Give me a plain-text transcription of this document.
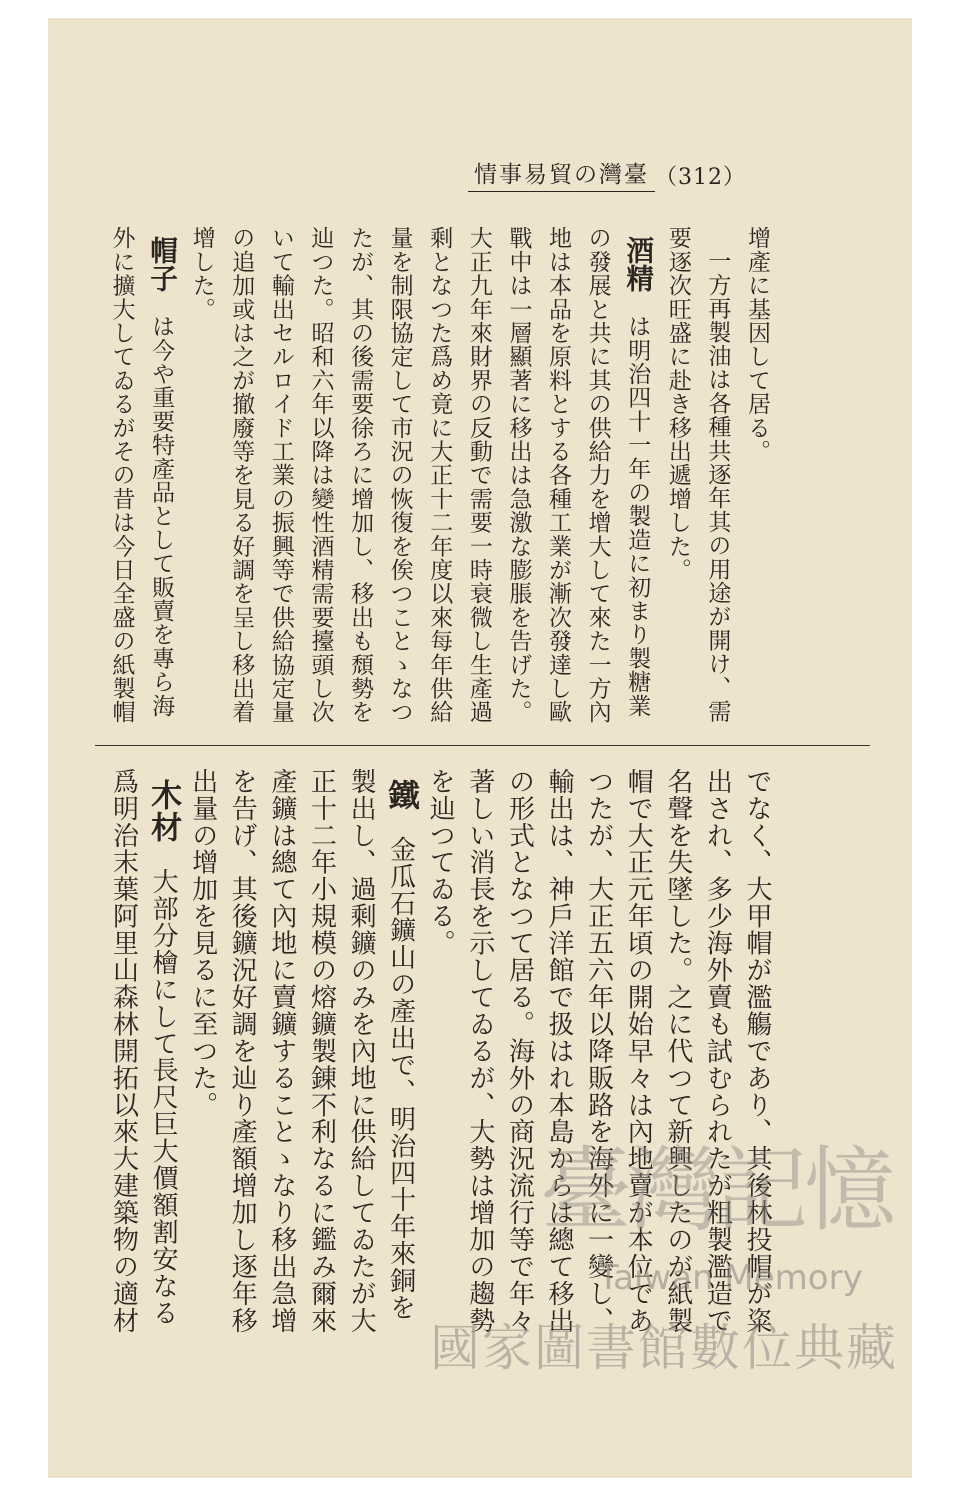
臺灣の貿易事情 （312）
增產に基因して居る。
一方再製油は各種共逐年其の用途が開け、需
要逐次旺盛に赴き移出遞增した。
酒精は明治四十一年の製造に初まり製糖業
の發展と共に其の供給力を增大して來た一方內
地は本品を原料とする各種工業が漸次發達し歐
戰中は一層顯著に移出は急激な膨脹を告げた。
大正九年來財界の反動で需要一時衰微し生產過
剩となつた爲め竟に大正十二年度以來每年供給
量を制限協定して市況の恢復を俟つことゝなつ
たが、其の後需要徐ろに增加し、移出も頹勢を
辿つた。昭和六年以降は變性酒精需要擡頭し次
いて輸出セルロイド工業の振興等で供給協定量
の追加或は之が撤廢等を見る好調を呈し移出着
增した。
帽子は今や重要特產品として販賣を專ら海
外に擴大してゐるがその昔は今日全盛の紙製帽
でなく、大甲帽が濫觴であり、其後林投帽が粢
出され、多少海外賣も試むられたが粗製濫造で
名聲を失墜した。之に代つて新興したのが紙製
帽で大正元年頃の開始早々は內地賣が本位であ
つたが、大正五六年以降販路を海外に一變し、
輸出は、神戶洋館で扱はれ本島からは總て移出
の形式となつて居る。海外の商況流行等で年々
著しい消長を示してゐるが、大勢は增加の趨勢
を辿つてゐる。
鐵金瓜石鑛山の產出で、明治四十年來銅を
製出し、過剩鑛のみを內地に供給してゐたが大
正十二年小規模の熔鑛製錬不利なるに鑑み爾來
產鑛は總て內地に賣鑛することゝなり移出急增
を告げ、其後鑛況好調を辿り產額增加し逐年移
出量の增加を見るに至つた。
木材大部分檜にして長尺巨大價額割安なる
爲明治末葉阿里山森林開拓以來大建築物の適材	臺灣記憶
Taiwan Memory
國家圖書館數位典藏
